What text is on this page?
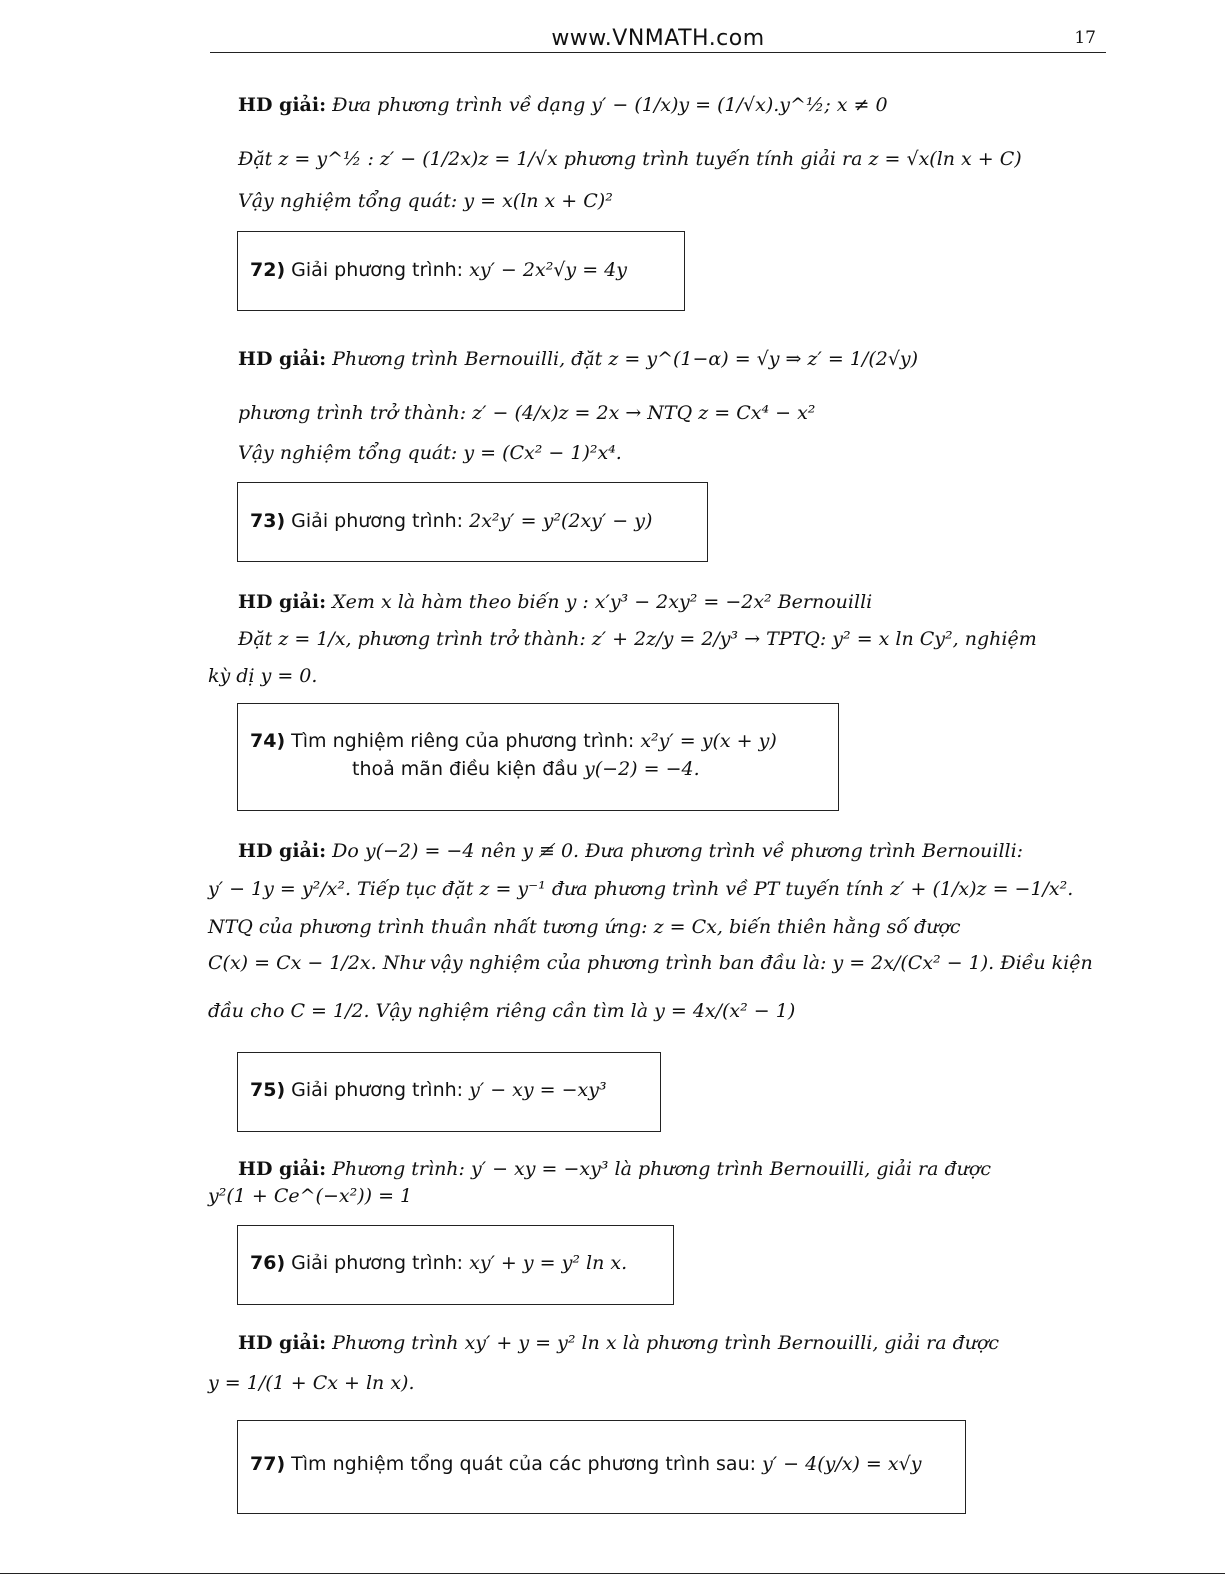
www.VNMATH.com	17
HD giải: Đưa phương trình về dạng y′ − (1/x)y = (1/√x).y^½; x ≠ 0
Đặt z = y^½ : z′ − (1/2x)z = 1/√x phương trình tuyến tính giải ra z = √x(ln x + C)
Vậy nghiệm tổng quát: y = x(ln x + C)²
72) Giải phương trình: xy′ − 2x²√y = 4y
HD giải: Phương trình Bernouilli, đặt z = y^(1−α) = √y ⇒ z′ = 1/(2√y)
phương trình trở thành: z′ − (4/x)z = 2x → NTQ z = Cx⁴ − x²
Vậy nghiệm tổng quát: y = (Cx² − 1)²x⁴.
73) Giải phương trình: 2x²y′ = y²(2xy′ − y)
HD giải: Xem x là hàm theo biến y : x′y³ − 2xy² = −2x² Bernouilli
Đặt z = 1/x, phương trình trở thành: z′ + 2z/y = 2/y³ → TPTQ: y² = x ln Cy², nghiệm
kỳ dị y = 0.
74) Tìm nghiệm riêng của phương trình: x²y′ = y(x + y)
thoả mãn điều kiện đầu y(−2) = −4.
HD giải: Do y(−2) = −4 nên y ≢ 0. Đưa phương trình về phương trình Bernouilli:
y′ − 1y = y²/x². Tiếp tục đặt z = y⁻¹ đưa phương trình về PT tuyến tính z′ + (1/x)z = −1/x².
NTQ của phương trình thuần nhất tương ứng: z = Cx, biến thiên hằng số được
C(x) = Cx − 1/2x. Như vậy nghiệm của phương trình ban đầu là: y = 2x/(Cx² − 1). Điều kiện
đầu cho C = 1/2. Vậy nghiệm riêng cần tìm là y = 4x/(x² − 1)
75) Giải phương trình: y′ − xy = −xy³
HD giải: Phương trình: y′ − xy = −xy³ là phương trình Bernouilli, giải ra được
y²(1 + Ce^(−x²)) = 1
76) Giải phương trình: xy′ + y = y² ln x.
HD giải: Phương trình xy′ + y = y² ln x là phương trình Bernouilli, giải ra được
y = 1/(1 + Cx + ln x).
77) Tìm nghiệm tổng quát của các phương trình sau: y′ − 4(y/x) = x√y
